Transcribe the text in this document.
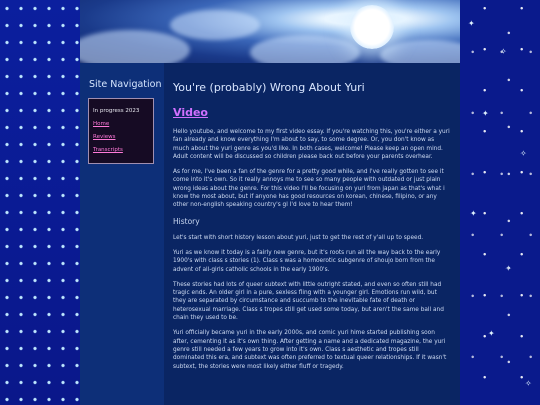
✦
✧
✦
✧
✦
✧
✦
✧
Site Navigation
In progress 2023
Home
Reviews
Transcripts
You're (probably) Wrong About Yuri
Video

Hello youtube, and welcome to my first video essay. If you're watching this, you're either a yuri fan already and know everything I'm about to say, to some degree. Or, you don't know as much about the yuri genre as you'd like. In both cases, welcome! Please keep an open mind. Adult content will be discussed so children please back out before your parents overhear.

As for me, I've been a fan of the genre for a pretty good while, and I've really gotten to see it come into it's own. So it really annoys me to see so many people with outdated or just plain wrong ideas about the genre. For this video I'll be focusing on yuri from japan as that's what i know the most about, but if anyone has good resources on korean, chinese, filipino, or any other non-english speaking country's gl I'd love to hear them!

History

Let's start with short history lesson about yuri, just to get the rest of y'all up to speed.

Yuri as we know it today is a fairly new genre, but it's roots run all the way back to the early 1900's with class s stories (1). Class s was a homoerotic subgenre of shoujo born from the advent of all-girls catholic schools in the early 1900's.

These stories had lots of queer subtext with little outright stated, and even so often still had tragic ends. An older girl in a pure, sexless fling with a younger girl. Emotions run wild, but they are separated by circumstance and succumb to the inevitable fate of death or heterosexual marriage. Class s tropes still get used some today, but aren't the same ball and chain they used to be.

Yuri officially became yuri in the early 2000s, and comic yuri hime started publishing soon after, cementing it as it's own thing. After getting a name and a dedicated magazine, the yuri genre still needed a few years to grow into it's own. Class s aesthetic and tropes still dominated this era, and subtext was often preferred to textual queer relationships. If it wasn't subtext, the stories were most likely either fluff or tragedy.
